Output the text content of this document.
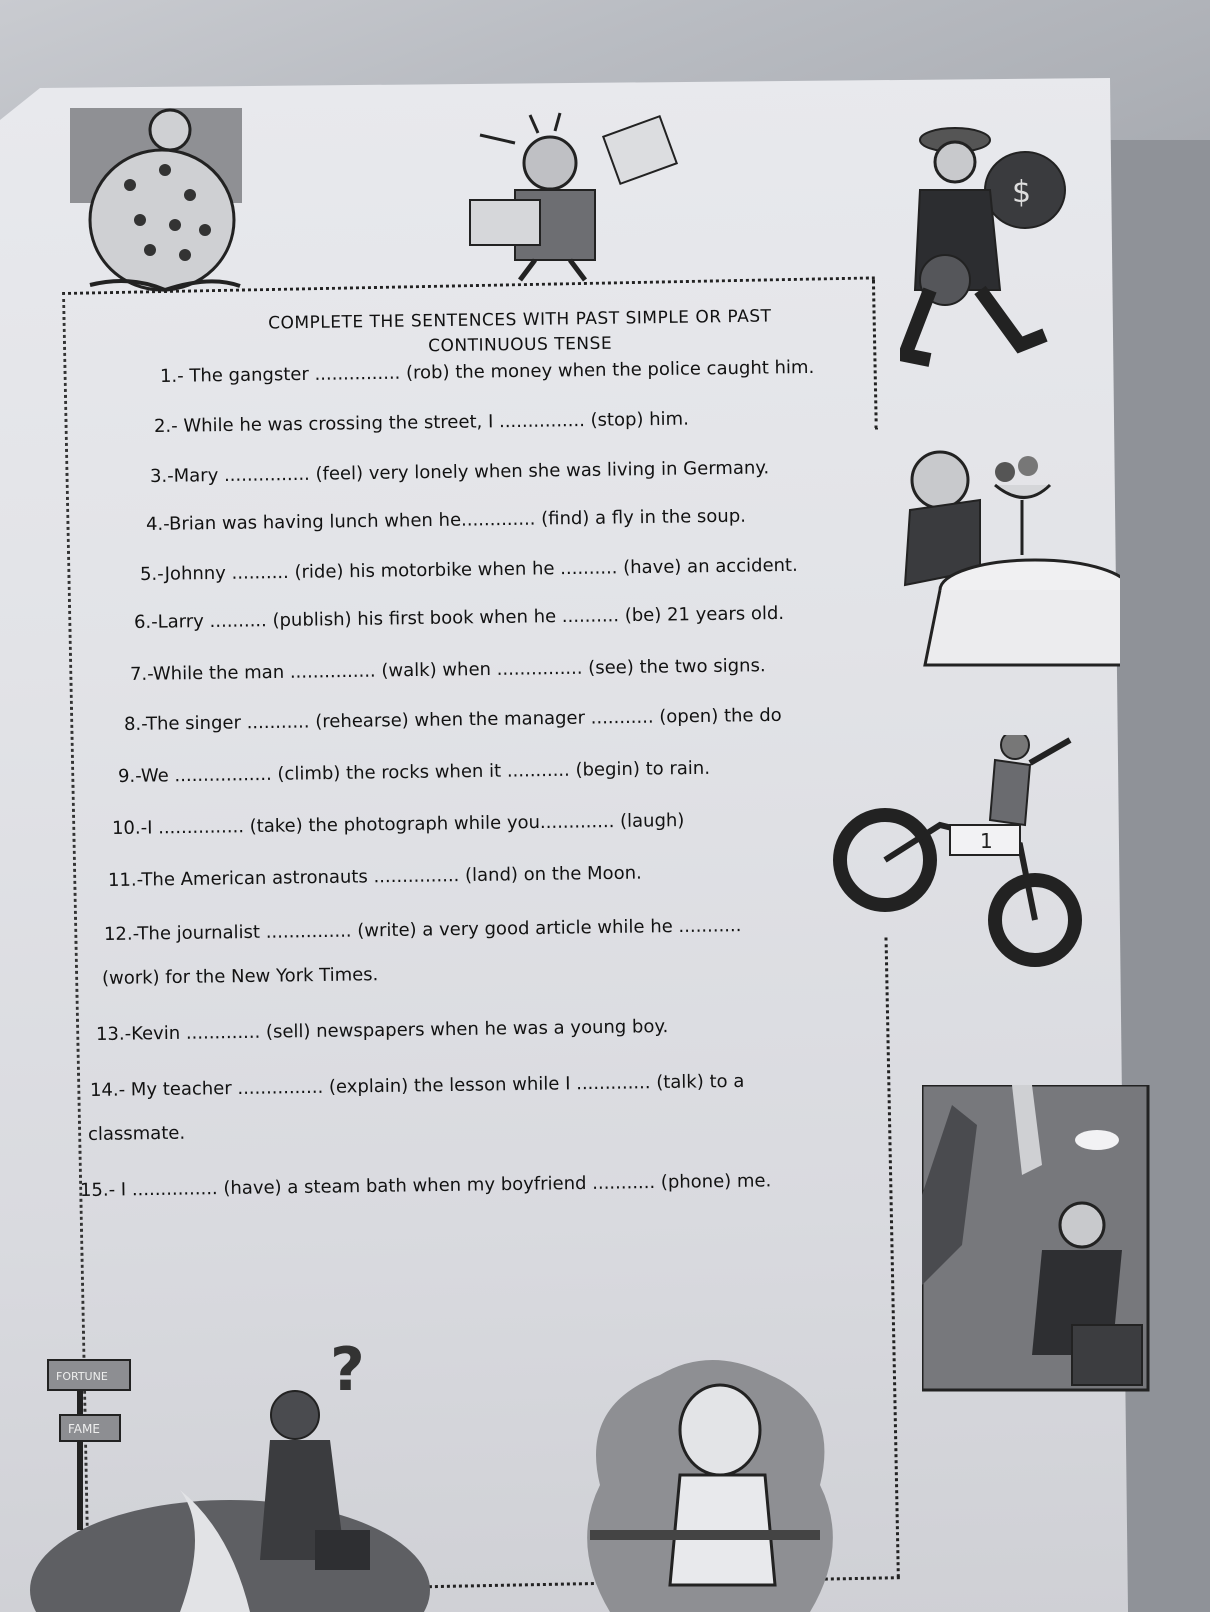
COMPLETE THE SENTENCES WITH PAST SIMPLE OR PAST
CONTINUOUS TENSE
1.- The gangster ............... (rob) the money when the police caught him.
2.- While he was crossing the street, I ............... (stop) him.
3.-Mary ............... (feel) very lonely when she was living in Germany.
4.-Brian was having lunch when he............. (find) a fly in the soup.
5.-Johnny .......... (ride) his motorbike when he .......... (have) an accident.
6.-Larry .......... (publish) his first book when he .......... (be) 21 years old.
7.-While the man ............... (walk) when ............... (see) the two signs.
8.-The singer ........... (rehearse) when the manager ........... (open) the do
9.-We ................. (climb) the rocks when it ........... (begin) to rain.
10.-I ............... (take) the photograph while you............. (laugh)
11.-The American astronauts ............... (land) on the Moon.
12.-The journalist ............... (write) a very good article while he ...........
(work) for the New York Times.
13.-Kevin ............. (sell) newspapers when he was a young boy.
14.- My teacher ............... (explain) the lesson while I ............. (talk) to a
classmate.
15.- I ............... (have) a steam bath when my boyfriend ........... (phone) me.
$
1
?
FORTUNE
FAME
